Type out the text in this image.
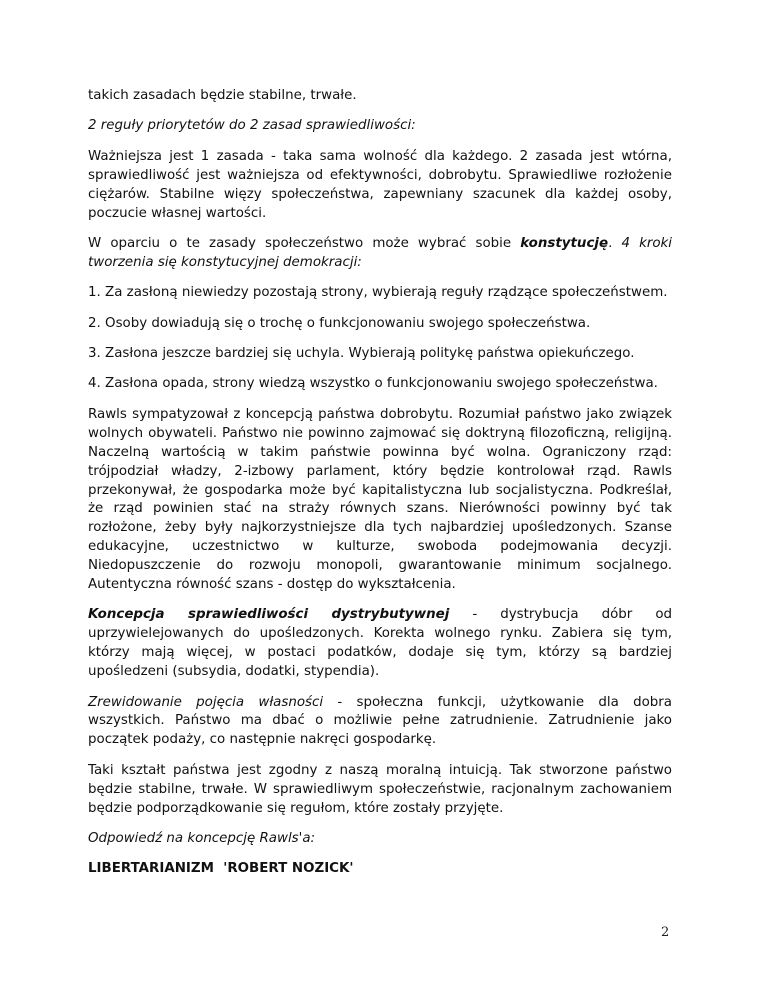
takich zasadach będzie stabilne, trwałe.

2 reguły priorytetów do 2 zasad sprawiedliwości:

Ważniejsza jest 1 zasada - taka sama wolność dla każdego. 2 zasada jest wtórna, sprawiedliwość jest ważniejsza od efektywności, dobrobytu. Sprawiedliwe rozłożenie ciężarów. Stabilne więzy społeczeństwa, zapewniany szacunek dla każdej osoby, poczucie własnej wartości.

W oparciu o te zasady społeczeństwo może wybrać sobie konstytucję. 4 kroki tworzenia się konstytucyjnej demokracji:

1. Za zasłoną niewiedzy pozostają strony, wybierają reguły rządzące społeczeństwem.

2. Osoby dowiadują się o trochę o funkcjonowaniu swojego społeczeństwa.

3. Zasłona jeszcze bardziej się uchyla. Wybierają politykę państwa opiekuńczego.

4. Zasłona opada, strony wiedzą wszystko o funkcjonowaniu swojego społeczeństwa.

Rawls sympatyzował z koncepcją państwa dobrobytu. Rozumiał państwo jako związek wolnych obywateli. Państwo nie powinno zajmować się doktryną filozoficzną, religijną. Naczelną wartością w takim państwie powinna być wolna. Ograniczony rząd: trójpodział władzy, 2-izbowy parlament, który będzie kontrolował rząd. Rawls przekonywał, że gospodarka może być kapitalistyczna lub socjalistyczna. Podkreślał, że rząd powinien stać na straży równych szans. Nierówności powinny być tak rozłożone, żeby były najkorzystniejsze dla tych najbardziej upośledzonych. Szanse edukacyjne, uczestnictwo w kulturze, swoboda podejmowania decyzji. Niedopuszczenie do rozwoju monopoli, gwarantowanie minimum socjalnego. Autentyczna równość szans - dostęp do wykształcenia.

Koncepcja sprawiedliwości dystrybutywnej - dystrybucja dóbr od uprzywielejowanych do upośledzonych. Korekta wolnego rynku. Zabiera się tym, którzy mają więcej, w postaci podatków, dodaje się tym, którzy są bardziej upośledzeni (subsydia, dodatki, stypendia).

Zrewidowanie pojęcia własności - społeczna funkcji, użytkowanie dla dobra wszystkich. Państwo ma dbać o możliwie pełne zatrudnienie. Zatrudnienie jako początek podaży, co następnie nakręci gospodarkę.

Taki kształt państwa jest zgodny z naszą moralną intuicją. Tak stworzone państwo będzie stabilne, trwałe. W sprawiedliwym społeczeństwie, racjonalnym zachowaniem będzie podporządkowanie się regułom, które zostały przyjęte.

Odpowiedź na koncepcję Rawls'a:

LIBERTARIANIZM  'ROBERT NOZICK'

2
